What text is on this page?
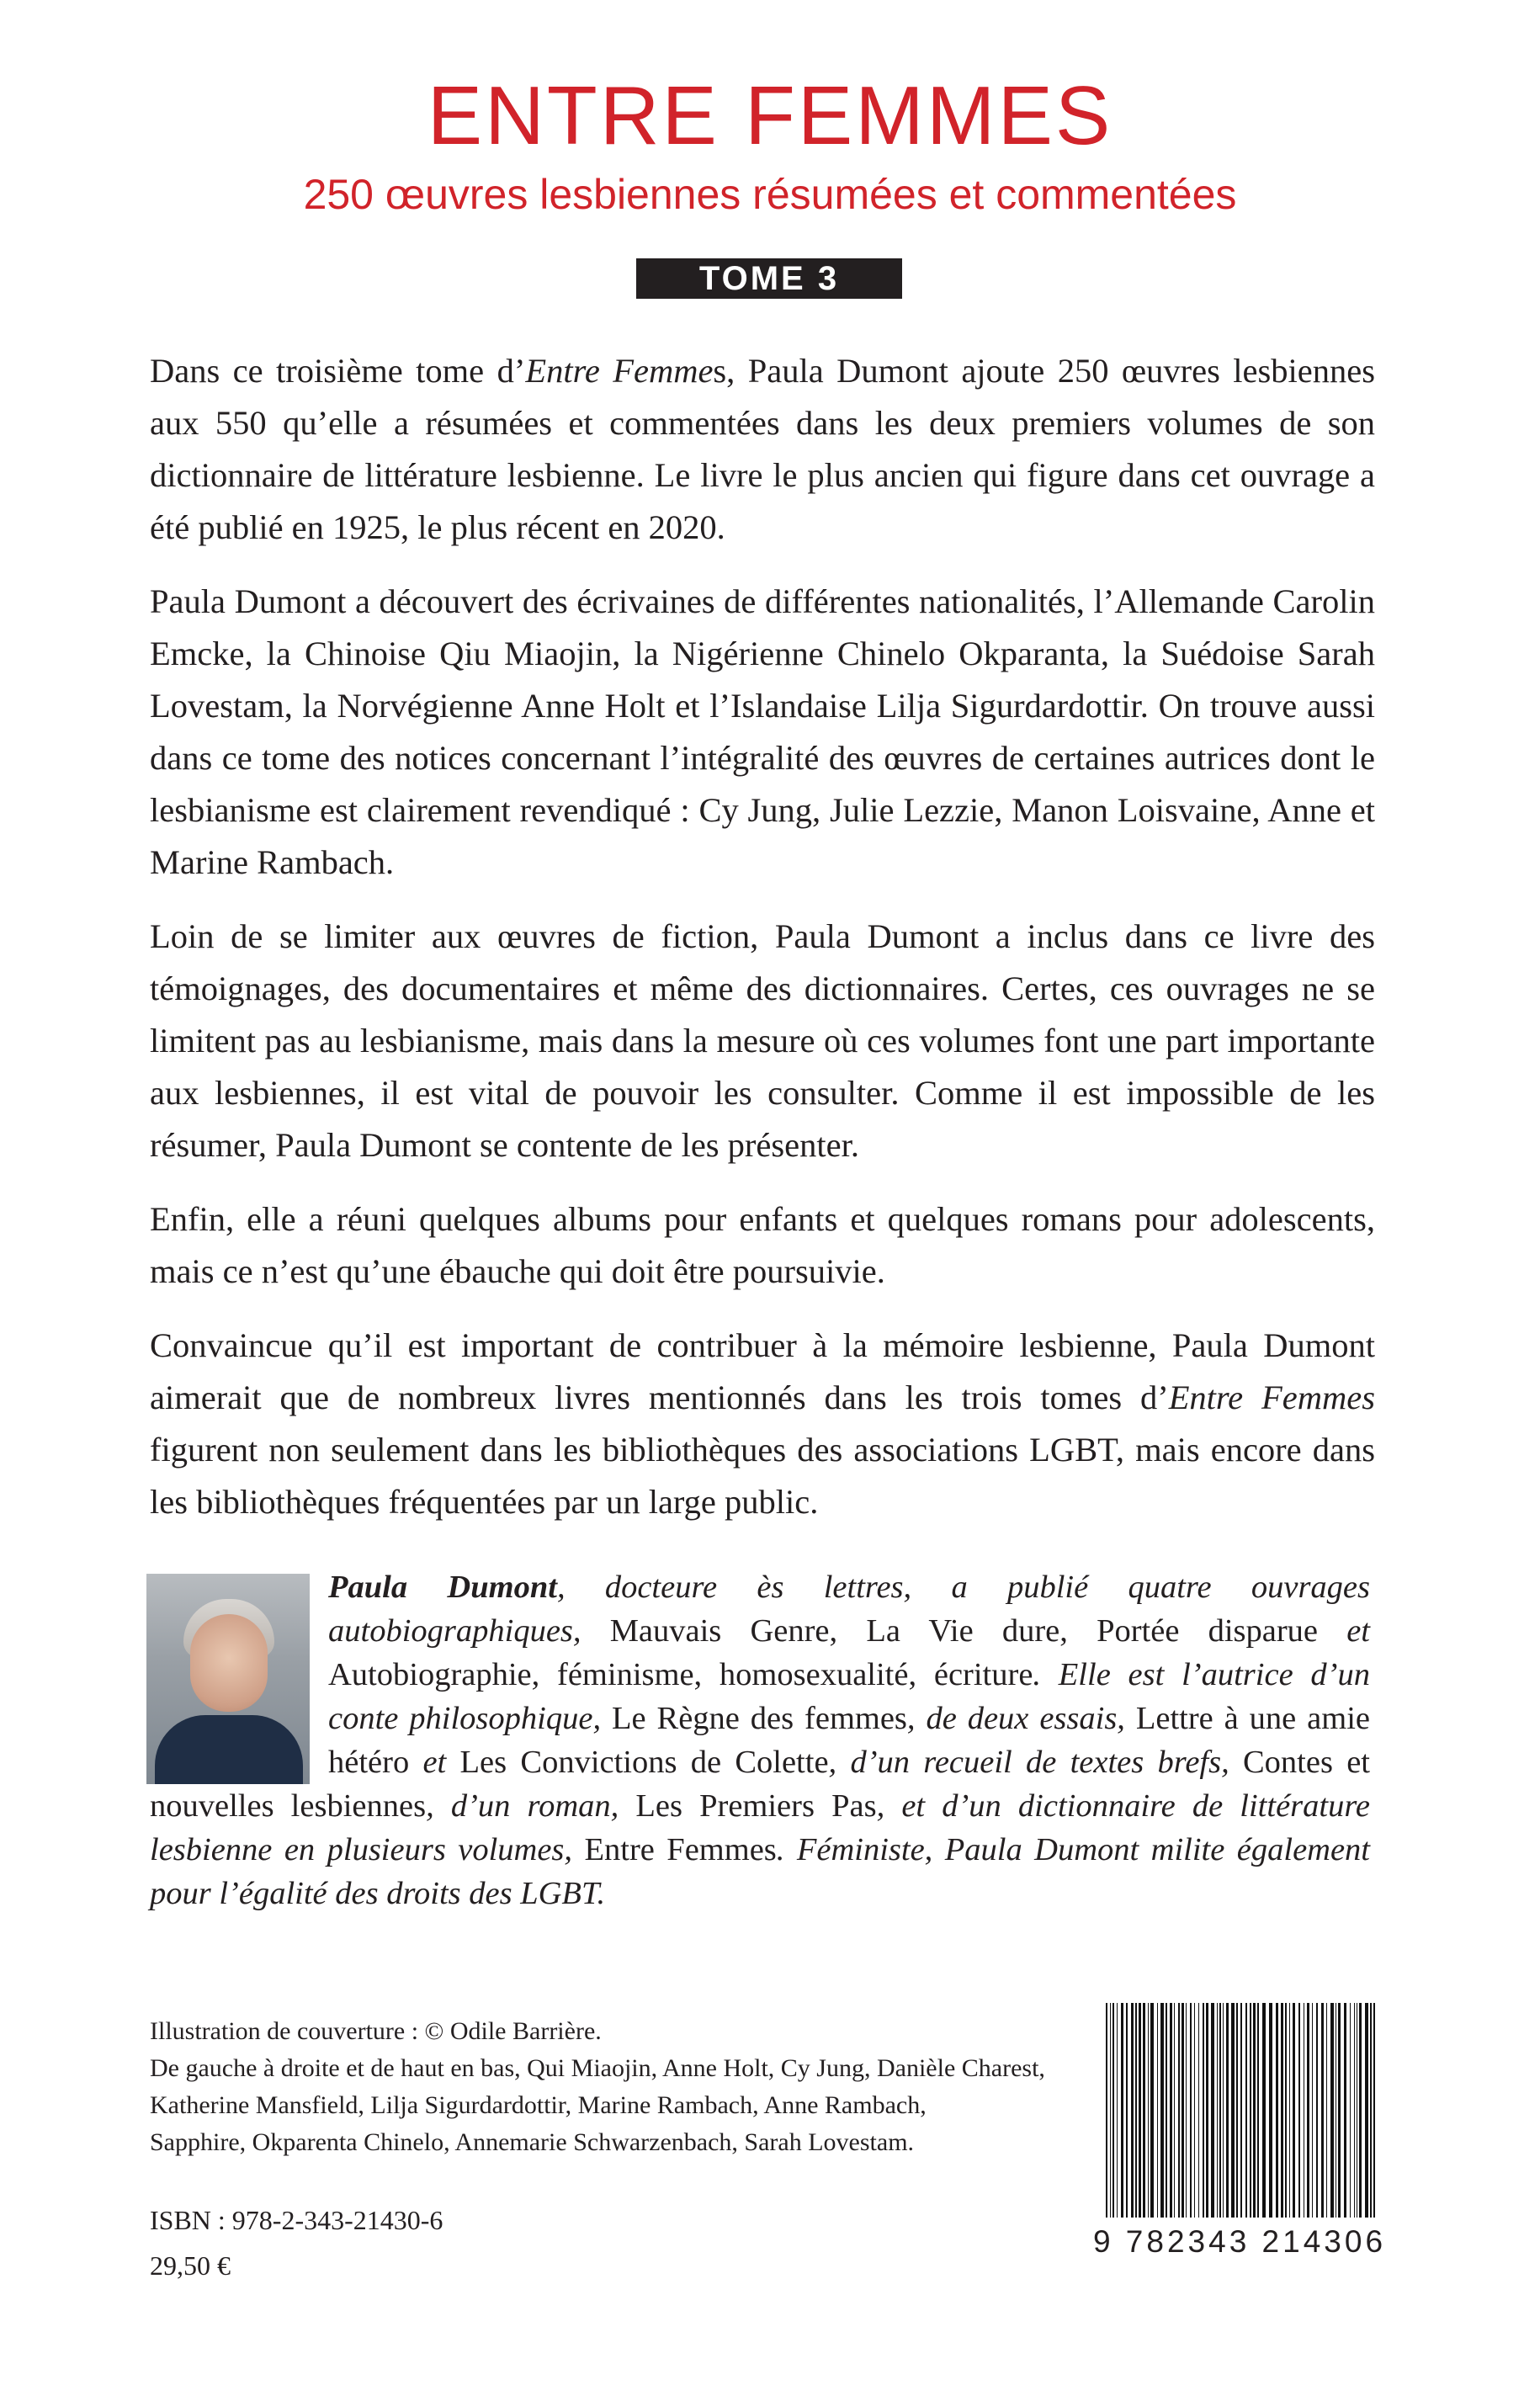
ENTRE FEMMES
250 œuvres lesbiennes résumées et commentées
TOME 3

Dans ce troisième tome d’Entre Femmes, Paula Dumont ajoute 250 œuvres lesbiennes aux 550 qu’elle a résumées et commentées dans les deux premiers volumes de son dictionnaire de littérature lesbienne. Le livre le plus ancien qui figure dans cet ouvrage a été publié en 1925, le plus récent en 2020.

Paula Dumont a découvert des écrivaines de différentes nationalités, l’Allemande Carolin Emcke, la Chinoise Qiu Miaojin, la Nigérienne Chinelo Okparanta, la Suédoise Sarah Lovestam, la Norvégienne Anne Holt et l’Islandaise Lilja Sigurdardottir. On trouve aussi dans ce tome des notices concernant l’intégralité des œuvres de certaines autrices dont le lesbianisme est clairement revendiqué : Cy Jung, Julie Lezzie, Manon Loisvaine, Anne et Marine Rambach.

Loin de se limiter aux œuvres de fiction, Paula Dumont a inclus dans ce livre des témoignages, des documentaires et même des dictionnaires. Certes, ces ouvrages ne se limitent pas au lesbianisme, mais dans la mesure où ces volumes font une part importante aux lesbiennes, il est vital de pouvoir les consulter. Comme il est impossible de les résumer, Paula Dumont se contente de les présenter.

Enfin, elle a réuni quelques albums pour enfants et quelques romans pour adolescents, mais ce n’est qu’une ébauche qui doit être poursuivie.

Convaincue qu’il est important de contribuer à la mémoire lesbienne, Paula Dumont aimerait que de nombreux livres mentionnés dans les trois tomes d’Entre Femmes figurent non seulement dans les bibliothèques des associations LGBT, mais encore dans les bibliothèques fréquentées par un large public.

Paula Dumont, docteure ès lettres, a publié quatre ouvrages autobiographiques, Mauvais Genre, La Vie dure, Portée disparue et Autobiographie, féminisme, homosexualité, écriture. Elle est l’autrice d’un conte philosophique, Le Règne des femmes, de deux essais, Lettre à une amie hétéro et Les Convictions de Colette, d’un recueil de textes brefs, Contes et nouvelles lesbiennes, d’un roman, Les Premiers Pas, et d’un dictionnaire de littérature lesbienne en plusieurs volumes, Entre Femmes. Féministe, Paula Dumont milite également pour l’égalité des droits des LGBT.
Illustration de couverture : © Odile Barrière.
De gauche à droite et de haut en bas, Qui Miaojin, Anne Holt, Cy Jung, Danièle Charest,
Katherine Mansfield, Lilja Sigurdardottir, Marine Rambach, Anne Rambach,
Sapphire, Okparenta Chinelo, Annemarie Schwarzenbach, Sarah Lovestam.
ISBN : 978-2-343-21430-6
29,50 €
9 782343 214306
